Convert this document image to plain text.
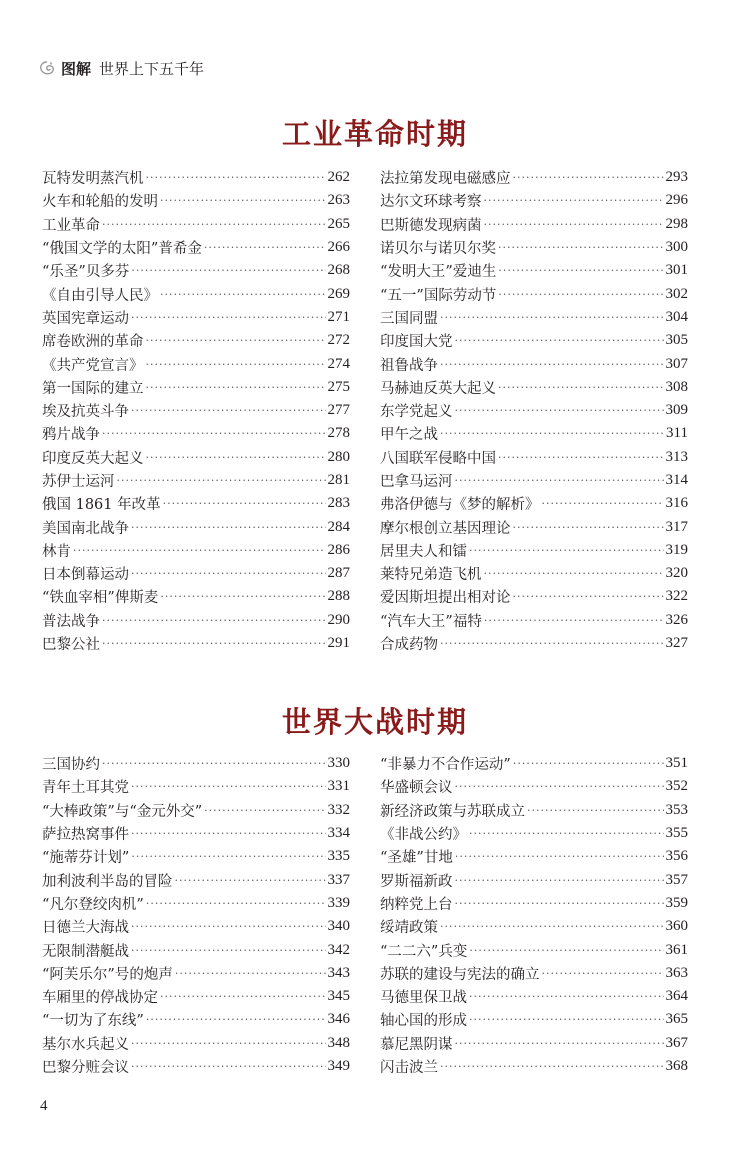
图解 世界上下五千年
工业革命时期
瓦特发明蒸汽机 ·····	262
火车和轮船的发明 ·····	263
工业革命 ·····	265
“俄国文学的太阳”普希金 ·····	266
“乐圣”贝多芬 ·····	268
《自由引导人民》 ·····	269
英国宪章运动 ·····	271
席卷欧洲的革命 ·····	272
《共产党宣言》 ·····	274
第一国际的建立 ·····	275
埃及抗英斗争 ·····	277
鸦片战争 ·····	278
印度反英大起义 ·····	280
苏伊士运河 ·····	281
俄国 1861 年改革 ·····	283
美国南北战争 ·····	284
林肯 ·····	286
日本倒幕运动 ·····	287
“铁血宰相”俾斯麦 ·····	288
普法战争 ·····	290
巴黎公社 ·····	291
法拉第发现电磁感应 ·····	293
达尔文环球考察 ·····	296
巴斯德发现病菌 ·····	298
诺贝尔与诺贝尔奖 ·····	300
“发明大王”爱迪生 ·····	301
“五一”国际劳动节 ·····	302
三国同盟 ·····	304
印度国大党 ·····	305
祖鲁战争 ·····	307
马赫迪反英大起义 ·····	308
东学党起义 ·····	309
甲午之战 ·····	311
八国联军侵略中国 ·····	313
巴拿马运河 ·····	314
弗洛伊德与《梦的解析》 ·····	316
摩尔根创立基因理论 ·····	317
居里夫人和镭 ·····	319
莱特兄弟造飞机 ·····	320
爱因斯坦提出相对论 ·····	322
“汽车大王”福特 ·····	326
合成药物 ·····	327
世界大战时期
三国协约 ·····	330
青年土耳其党 ·····	331
“大棒政策”与“金元外交” ·····	332
萨拉热窝事件 ·····	334
“施蒂芬计划” ·····	335
加利波利半岛的冒险 ·····	337
“凡尔登绞肉机” ·····	339
日德兰大海战 ·····	340
无限制潜艇战 ·····	342
“阿芙乐尔”号的炮声 ·····	343
车厢里的停战协定 ·····	345
“一切为了东线” ·····	346
基尔水兵起义 ·····	348
巴黎分赃会议 ·····	349
“非暴力不合作运动” ·····	351
华盛顿会议 ·····	352
新经济政策与苏联成立 ·····	353
《非战公约》 ·····	355
“圣雄”甘地 ·····	356
罗斯福新政 ·····	357
纳粹党上台 ·····	359
绥靖政策 ·····	360
“二二六”兵变 ·····	361
苏联的建设与宪法的确立 ·····	363
马德里保卫战 ·····	364
轴心国的形成 ·····	365
慕尼黑阴谋 ·····	367
闪击波兰 ·····	368
4
